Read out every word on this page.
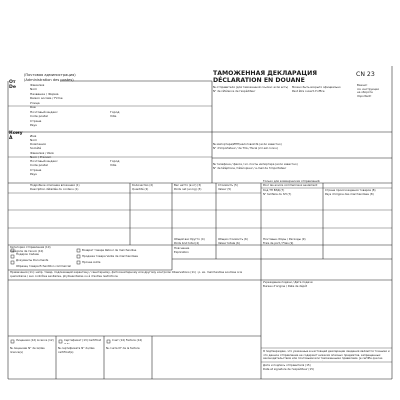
(Почтовая администрация)
(Administration des postes)
От
De
Фамилия
Nom
Название / Фирма
Raison sociale / Firme
Улица
Rue
Почтовый индекс
Code postal
Город
Ville
Страна
Pays
Кому
À
Имя
Nom
Компания
Société
Фамилия / Имя
Nom / Prénom
Почтовый индекс
Code postal
Город
Ville
Страна
Pays
ТАМОЖЕННАЯ ДЕКЛАРАЦИЯ
DÉCLARATION EN DOUANE
CN 23
№ отправителя (для таможенной ссылки: если есть)
N° de référence de l'expéditeur
Можно быть вскрыто официально
Peut être ouvert d'office
Важно!
см. инструкции
на обороте
Important!
№ импортера/ИНН/налоговой № (если известно)
N° d'importateur / de TVA / fiscal (s'il est connu)
№ телефона / факса / эл. почты импортера (если известно)
N° de téléphone / télécopieur / e-mail de l'importateur
Подробное описание вложения (1)
Description détaillée du contenu (1)
Количество (2)
Quantité (2)
Вес нетто (в кг) (3)
Poids net (en kg) (3)
Стоимость (5)
Valeur (5)
Только для коммерческих отправлений
Pour les envois commerciaux seulement
Код ТН ВЭД (7)
N° tarifaire du SH (7)
Страна происхождения товаров (8)
Pays d'origine des marchandises (8)
Общий вес брутто (4)
Poids brut total (4)
Общая стоимость (6)
Valeur totale (6)
Почтовые сборы / Расходы (9)
Frais de port / Frais (9)
Категория отправления (10)
Catégorie de l'envoi (10)
Подарок Cadeau
Документы Documents
Образец товара Échantillon commercial
Возврат товара Retour de marchandise
Продажа товара Vente de marchandises
Прочее Autre
Пояснение
Explication
Примечания (11): напр. товар, подлежащий карантину / санитарному, фитосанитарному или другому контролю Observations (11) : p. ex. marchandise soumise à la quarantaine / aux contrôles sanitaires, phytosanitaires ou à d'autres restrictions
Учреждение подачи / Дата подачи
Bureau d'origine / Date de dépôt
Я подтверждаю, что указанные в настоящей декларации сведения являются точными и что данное отправление не содержит никаких опасных предметов, запрещенных законодательством или почтовыми или таможенными правилами. Je certifie que les
Дата и подпись отправителя (15)
Date et signature de l'expéditeur (15)
Лицензия (12) Licence (12)	Сертификат (13) Certificat (13)
Счет (14) Facture (14)
№ лицензии N° de la/des licence(s)
№ сертификата N° du/des certificat(s)
№ счета N° de la facture
